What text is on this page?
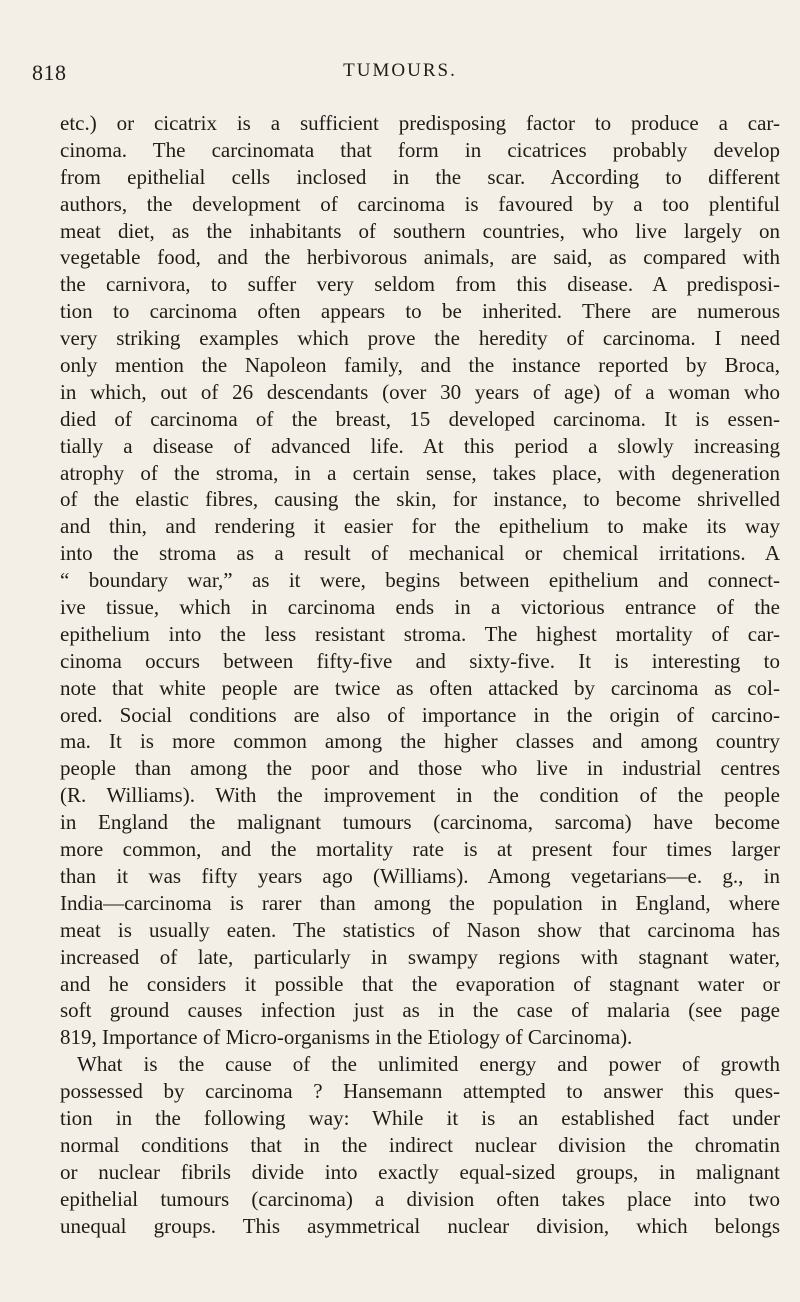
818	TUMOURS.
etc.) or cicatrix is a sufficient predisposing factor to produce a car-
cinoma. The carcinomata that form in cicatrices probably develop
from epithelial cells inclosed in the scar. According to different
authors, the development of carcinoma is favoured by a too plentiful
meat diet, as the inhabitants of southern countries, who live largely on
vegetable food, and the herbivorous animals, are said, as compared with
the carnivora, to suffer very seldom from this disease. A predisposi-
tion to carcinoma often appears to be inherited. There are numerous
very striking examples which prove the heredity of carcinoma. I need
only mention the Napoleon family, and the instance reported by Broca,
in which, out of 26 descendants (over 30 years of age) of a woman who
died of carcinoma of the breast, 15 developed carcinoma. It is essen-
tially a disease of advanced life. At this period a slowly increasing
atrophy of the stroma, in a certain sense, takes place, with degeneration
of the elastic fibres, causing the skin, for instance, to become shrivelled
and thin, and rendering it easier for the epithelium to make its way
into the stroma as a result of mechanical or chemical irritations. A
“ boundary war,” as it were, begins between epithelium and connect-
ive tissue, which in carcinoma ends in a victorious entrance of the
epithelium into the less resistant stroma. The highest mortality of car-
cinoma occurs between fifty-five and sixty-five. It is interesting to
note that white people are twice as often attacked by carcinoma as col-
ored. Social conditions are also of importance in the origin of carcino-
ma. It is more common among the higher classes and among country
people than among the poor and those who live in industrial centres
(R. Williams). With the improvement in the condition of the people
in England the malignant tumours (carcinoma, sarcoma) have become
more common, and the mortality rate is at present four times larger
than it was fifty years ago (Williams). Among vegetarians—e. g., in
India—carcinoma is rarer than among the population in England, where
meat is usually eaten. The statistics of Nason show that carcinoma has
increased of late, particularly in swampy regions with stagnant water,
and he considers it possible that the evaporation of stagnant water or
soft ground causes infection just as in the case of malaria (see page
819, Importance of Micro-organisms in the Etiology of Carcinoma).
What is the cause of the unlimited energy and power of growth
possessed by carcinoma ? Hansemann attempted to answer this ques-
tion in the following way: While it is an established fact under
normal conditions that in the indirect nuclear division the chromatin
or nuclear fibrils divide into exactly equal-sized groups, in malignant
epithelial tumours (carcinoma) a division often takes place into two
unequal groups. This asymmetrical nuclear division, which belongs
